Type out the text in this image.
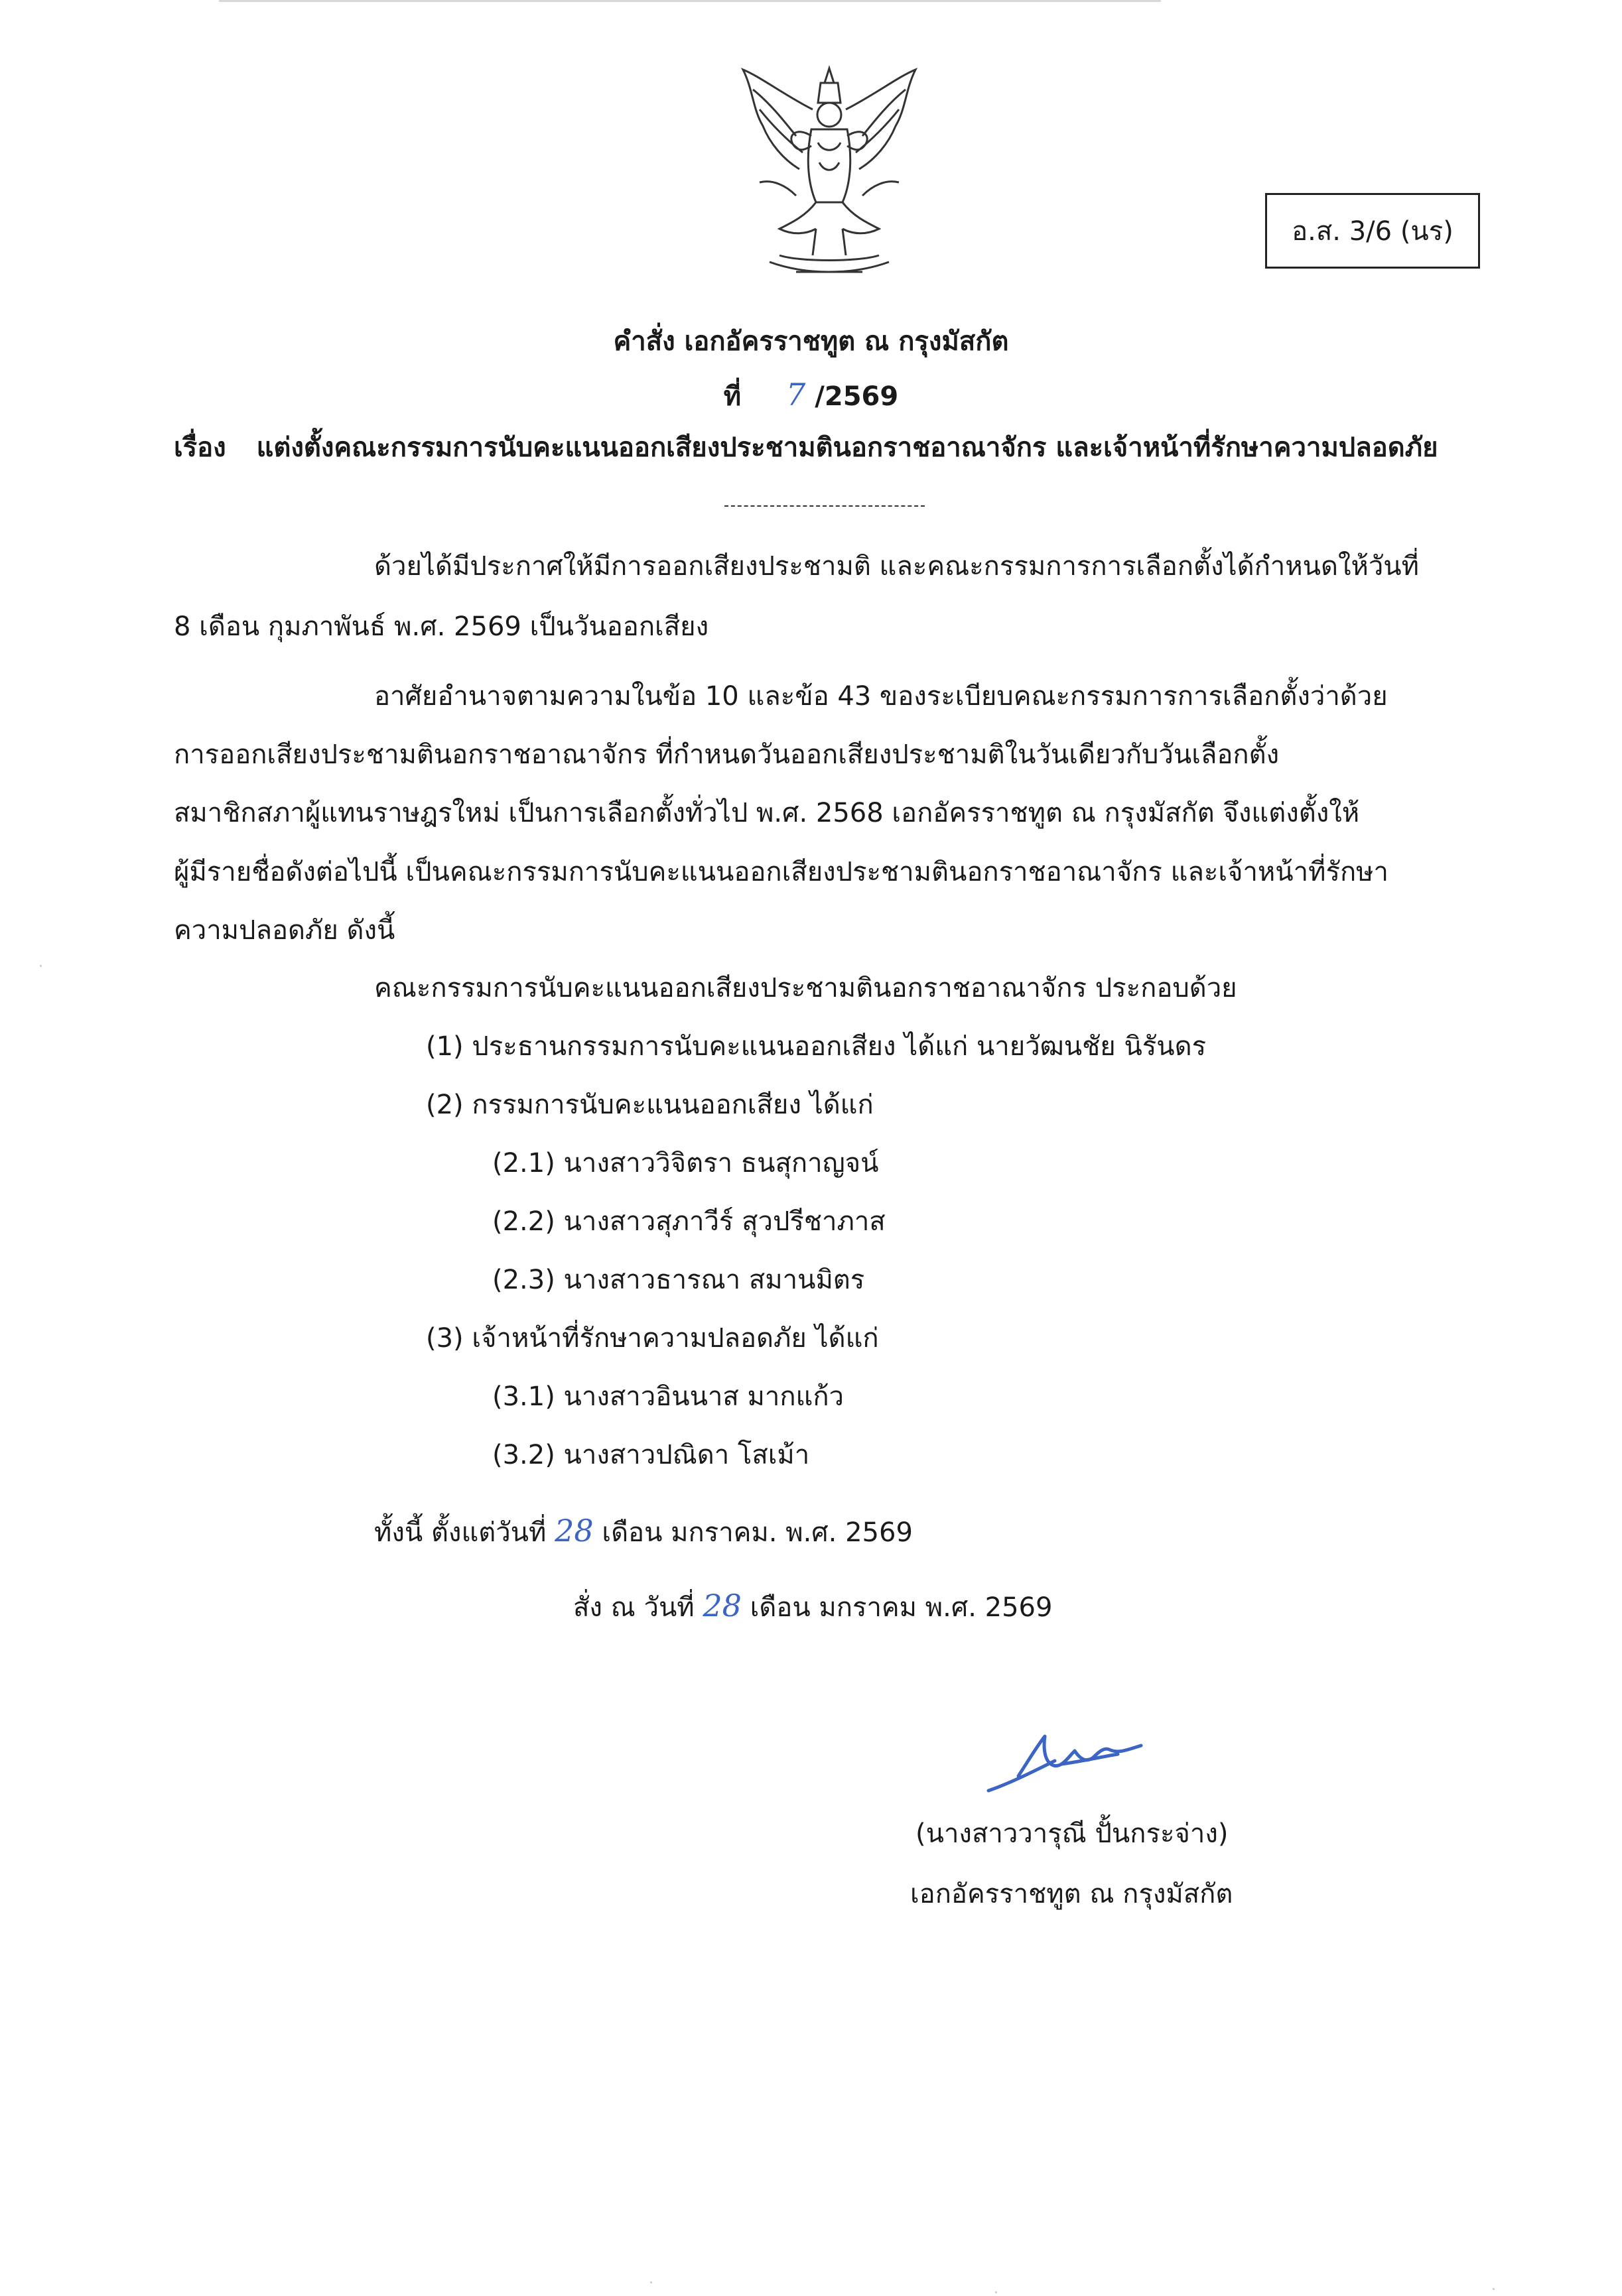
อ.ส. 3/6 (นร)
คำสั่ง เอกอัครราชทูต ณ กรุงมัสกัต
ที่ 7 /2569
เรื่อง แต่งตั้งคณะกรรมการนับคะแนนออกเสียงประชามตินอกราชอาณาจักร และเจ้าหน้าที่รักษาความปลอดภัย
ด้วยได้มีประกาศให้มีการออกเสียงประชามติ และคณะกรรมการการเลือกตั้งได้กำหนดให้วันที่
8 เดือน กุมภาพันธ์ พ.ศ. 2569 เป็นวันออกเสียง
อาศัยอำนาจตามความในข้อ 10 และข้อ 43 ของระเบียบคณะกรรมการการเลือกตั้งว่าด้วย
การออกเสียงประชามตินอกราชอาณาจักร ที่กำหนดวันออกเสียงประชามติในวันเดียวกับวันเลือกตั้ง
สมาชิกสภาผู้แทนราษฎรใหม่ เป็นการเลือกตั้งทั่วไป พ.ศ. 2568 เอกอัครราชทูต ณ กรุงมัสกัต จึงแต่งตั้งให้
ผู้มีรายชื่อดังต่อไปนี้ เป็นคณะกรรมการนับคะแนนออกเสียงประชามตินอกราชอาณาจักร และเจ้าหน้าที่รักษา
ความปลอดภัย ดังนี้
คณะกรรมการนับคะแนนออกเสียงประชามตินอกราชอาณาจักร ประกอบด้วย
(1) ประธานกรรมการนับคะแนนออกเสียง ได้แก่ นายวัฒนชัย นิรันดร
(2) กรรมการนับคะแนนออกเสียง ได้แก่
(2.1) นางสาววิจิตรา ธนสุกาญจน์
(2.2) นางสาวสุภาวีร์ สุวปรีชาภาส
(2.3) นางสาวธารณา สมานมิตร
(3) เจ้าหน้าที่รักษาความปลอดภัย ได้แก่
(3.1) นางสาวอินนาส มากแก้ว
(3.2) นางสาวปณิดา โสเม้า
ทั้งนี้ ตั้งแต่วันที่ 28 เดือน มกราคม. พ.ศ. 2569
สั่ง ณ วันที่ 28 เดือน มกราคม พ.ศ. 2569
(นางสาววารุณี ปั้นกระจ่าง)
เอกอัครราชทูต ณ กรุงมัสกัต
